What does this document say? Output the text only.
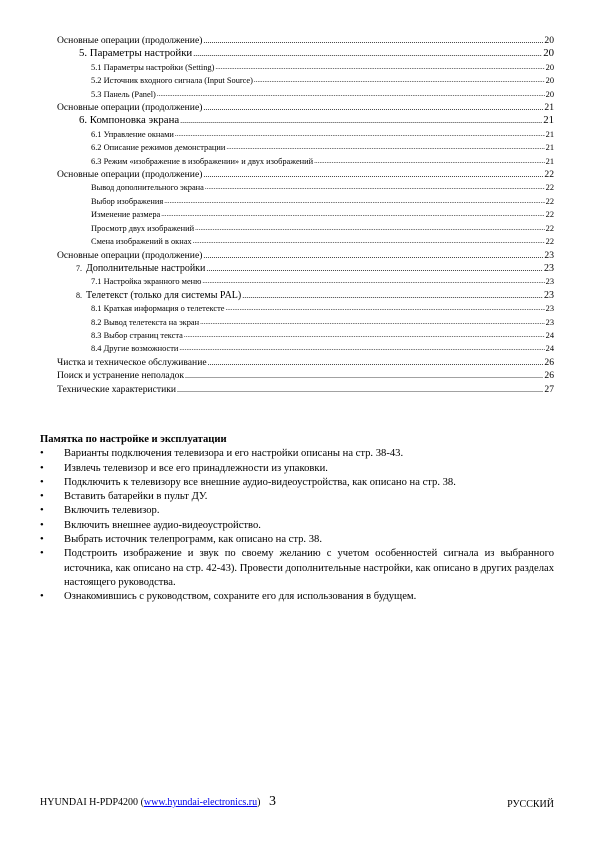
Основные операции (продолжение) .....	20
5. Параметры настройки .....	20
5.1 Параметры настройки (Setting) .....	20
5.2 Источник входного сигнала (Input Source) .....	20
5.3 Панель (Panel) .....	20
Основные операции (продолжение) .....	21
6. Компоновка экрана .....	21
6.1 Управление окнами .....	21
6.2 Описание режимов демонстрации .....	21
6.3 Режим «изображение в изображении» и двух изображений .....	21
Основные операции (продолжение) .....	22
Вывод дополнительного экрана .....	22
Выбор изображения .....	22
Изменение размера .....	22
Просмотр двух изображений .....	22
Смена изображений в окнах .....	22
Основные операции (продолжение) .....	23
7. Дополнительные настройки .....	23
7.1 Настройка экранного меню .....	23
8. Телетекст (только для системы PAL) .....	23
8.1 Краткая информация о телетексте .....	23
8.2 Вывод телетекста на экран .....	23
8.3 Выбор страниц текста .....	24
8.4 Другие возможности .....	24
Чистка и техническое обслуживание .....	26
Поиск и устранение неполадок .....	26
Технические характеристики .....	27
Памятка по настройке и эксплуатации
• Варианты подключения телевизора и его настройки описаны на стр. 38-43.
• Извлечь телевизор и все его принадлежности из упаковки.
• Подключить к телевизору все внешние аудио-видеоустройства, как описано на стр. 38.
• Вставить батарейки в пульт ДУ.
• Включить телевизор.
• Включить внешнее аудио-видеоустройство.
• Выбрать источник телепрограмм, как описано на стр. 38.
• Подстроить изображение и звук по своему желанию с учетом особенностей сигнала из выбранного источника, как описано на стр. 42-43). Провести дополнительные настройки, как описано в других разделах настоящего руководства.
• Ознакомившись с руководством, сохраните его для использования в будущем.
HYUNDAI H-PDP4200 (www.hyundai-electronics.ru) 3	РУССКИЙ
